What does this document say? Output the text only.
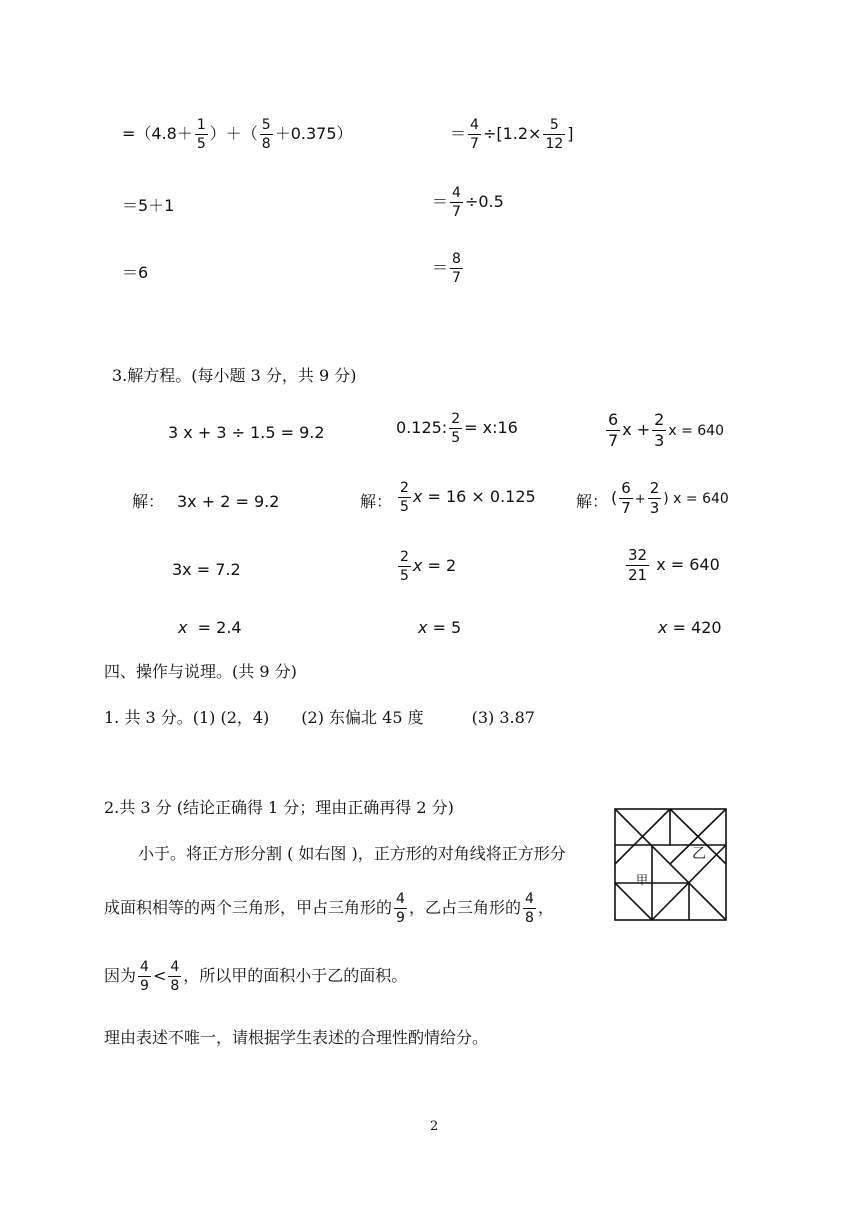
$=(4.8+ \frac{1}{5}$ ）＋（ $\frac{5}{8} +0.375$）
＝5＋1
＝6
＝ $\frac{4}{7} \div[1.2\times \frac{5}{12}$ ]
＝ $\frac{4}{7} \div 0.5$
＝ $\frac{8}{7}$
3.解方程。(每小题 3 分，共 9 分)
3 x + 3 ÷ 1.5 = 9.2
解： 3x + 2 = 9.2
3x = 7.2
x = 2.4
0.125: $\frac{2}{5}$ = x:16
解： $\frac{2}{5}$ x = 16 × 0.125
$\frac{2}{5}$ x = 2
x = 5
$\frac{6}{7}$ $x + \frac{2}{3}$ x = 640
解： ( $\frac{6}{7} + \frac{2}{3}$ ) x = 640
$\frac{32}{21}$ x = 640
x = 420
四、操作与说理。(共 9 分)
1. 共 3 分。(1) (2，4)　　(2) 东偏北 45 度　　　(3) 3.87
2.共 3 分 (结论正确得 1 分；理由正确再得 2 分)
小于。将正方形分割 ( 如右图 )，正方形的对角线将正方形分
成面积相等的两个三角形，甲占三角形的 $\frac{4}{9}$ ，乙占三角形的 $\frac{4}{8}$ ，
因为 $\frac{4}{9} < \frac{4}{8}$ ，所以甲的面积小于乙的面积。
理由表述不唯一，请根据学生表述的合理性酌情给分。
甲
乙
2
